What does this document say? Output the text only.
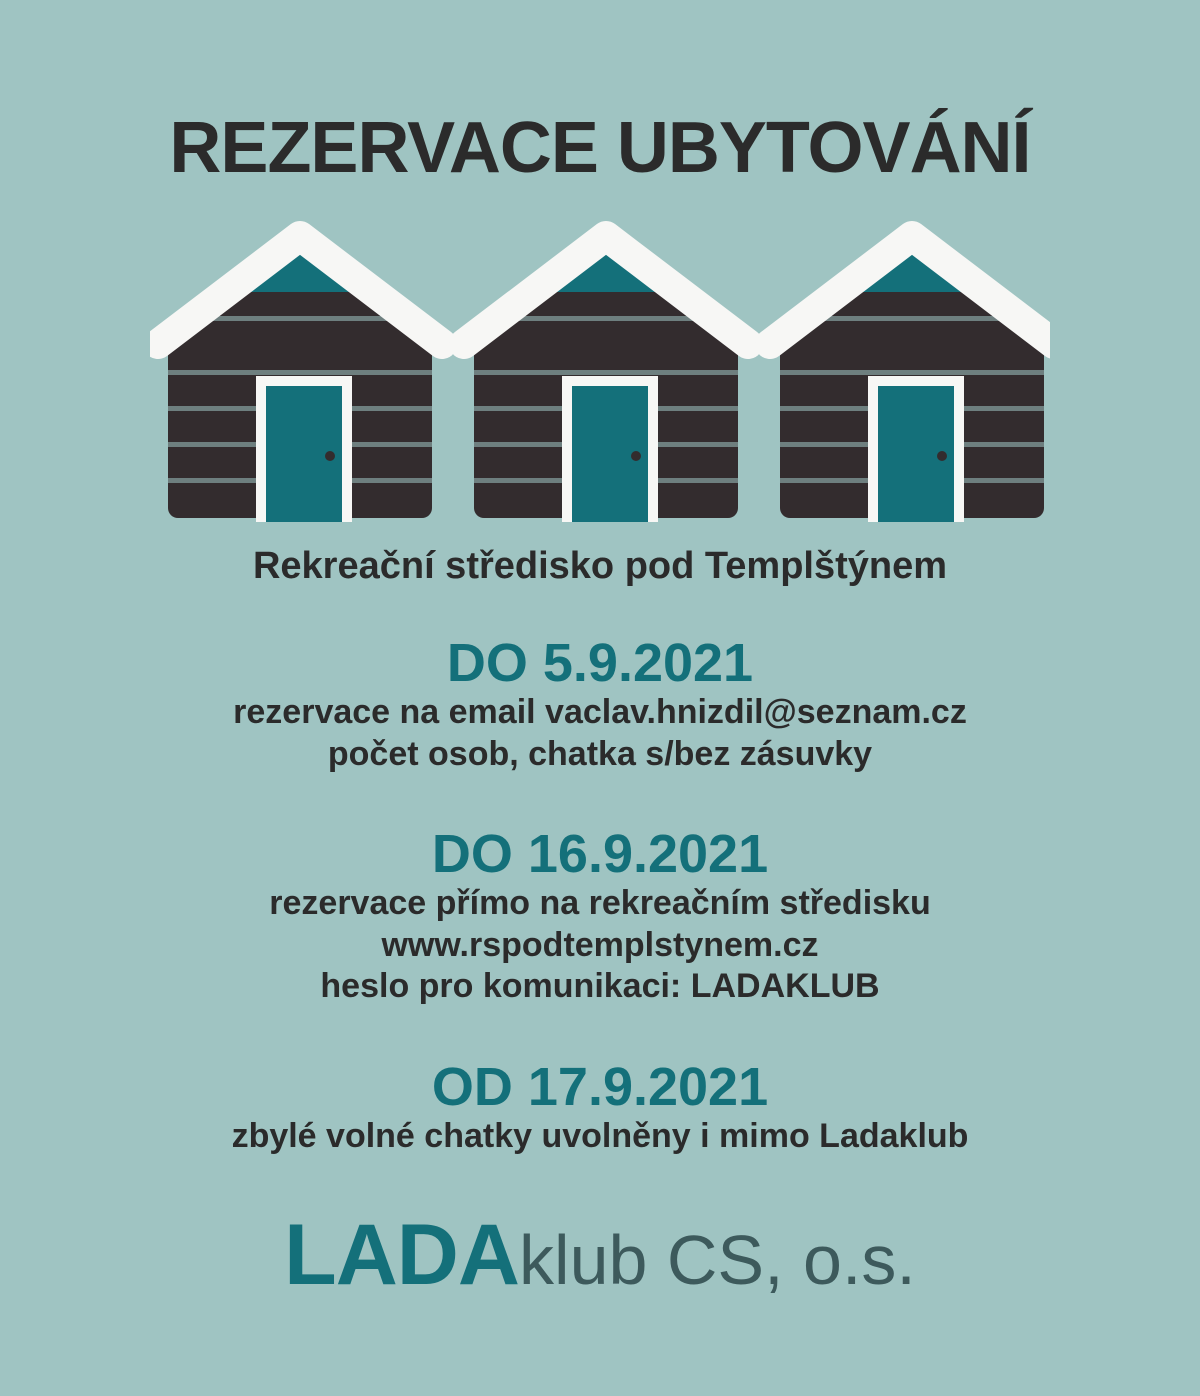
REZERVACE UBYTOVÁNÍ
Rekreační středisko pod Templštýnem
DO 5.9.2021
rezervace na email vaclav.hnizdil@seznam.cz
počet osob, chatka s/bez zásuvky
DO 16.9.2021
rezervace přímo na rekreačním středisku
www.rspodtemplstynem.cz
heslo pro komunikaci: LADAKLUB
OD 17.9.2021
zbylé volné chatky uvolněny i mimo Ladaklub
LADAklub CS, o.s.
